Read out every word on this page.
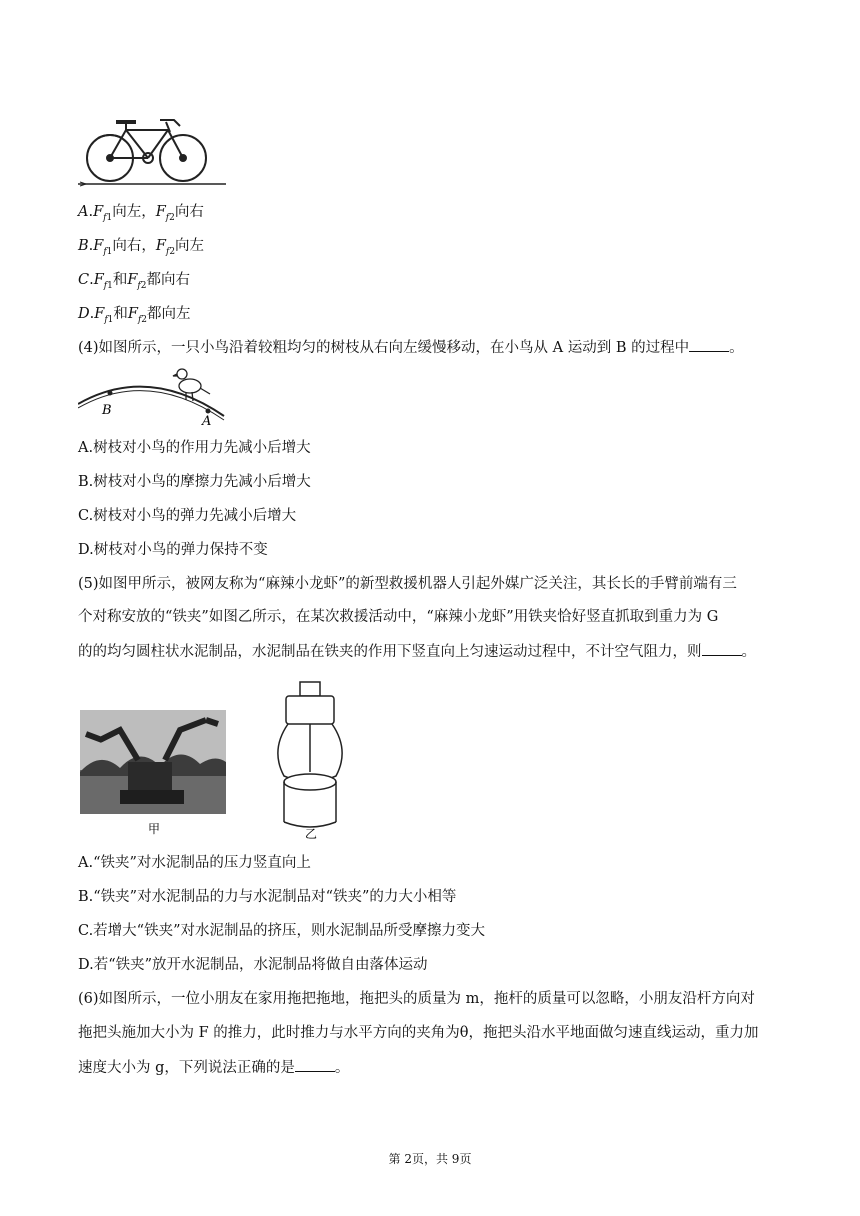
$A.F_{f1}$向左，$F_{f2}$向右
$B.F_{f1}$向右，$F_{f2}$向左
$C.F_{f1}$和$F_{f2}$都向右
$D.F_{f1}$和$F_{f2}$都向左
(4)如图所示，一只小鸟沿着较粗均匀的树枝从右向左缓慢移动，在小鸟从 A 运动到 B 的过程中	。
B
A
A.树枝对小鸟的作用力先减小后增大
B.树枝对小鸟的摩擦力先减小后增大
C.树枝对小鸟的弹力先减小后增大
D.树枝对小鸟的弹力保持不变
(5)如图甲所示，被网友称为“麻辣小龙虾”的新型救援机器人引起外媒广泛关注，其长长的手臂前端有三
个对称安放的“铁夹”如图乙所示，在某次救援活动中，“麻辣小龙虾”用铁夹恰好竖直抓取到重力为 G
的的均匀圆柱状水泥制品，水泥制品在铁夹的作用下竖直向上匀速运动过程中，不计空气阻力，则	。
甲	乙
A.“铁夹”对水泥制品的压力竖直向上
B.“铁夹”对水泥制品的力与水泥制品对“铁夹”的力大小相等
C.若增大“铁夹”对水泥制品的挤压，则水泥制品所受摩擦力变大
D.若“铁夹”放开水泥制品，水泥制品将做自由落体运动
(6)如图所示，一位小朋友在家用拖把拖地，拖把头的质量为 m，拖杆的质量可以忽略，小朋友沿杆方向对
拖把头施加大小为 F 的推力，此时推力与水平方向的夹角为θ，拖把头沿水平地面做匀速直线运动，重力加
速度大小为 g，下列说法正确的是	。
第 2页，共 9页
